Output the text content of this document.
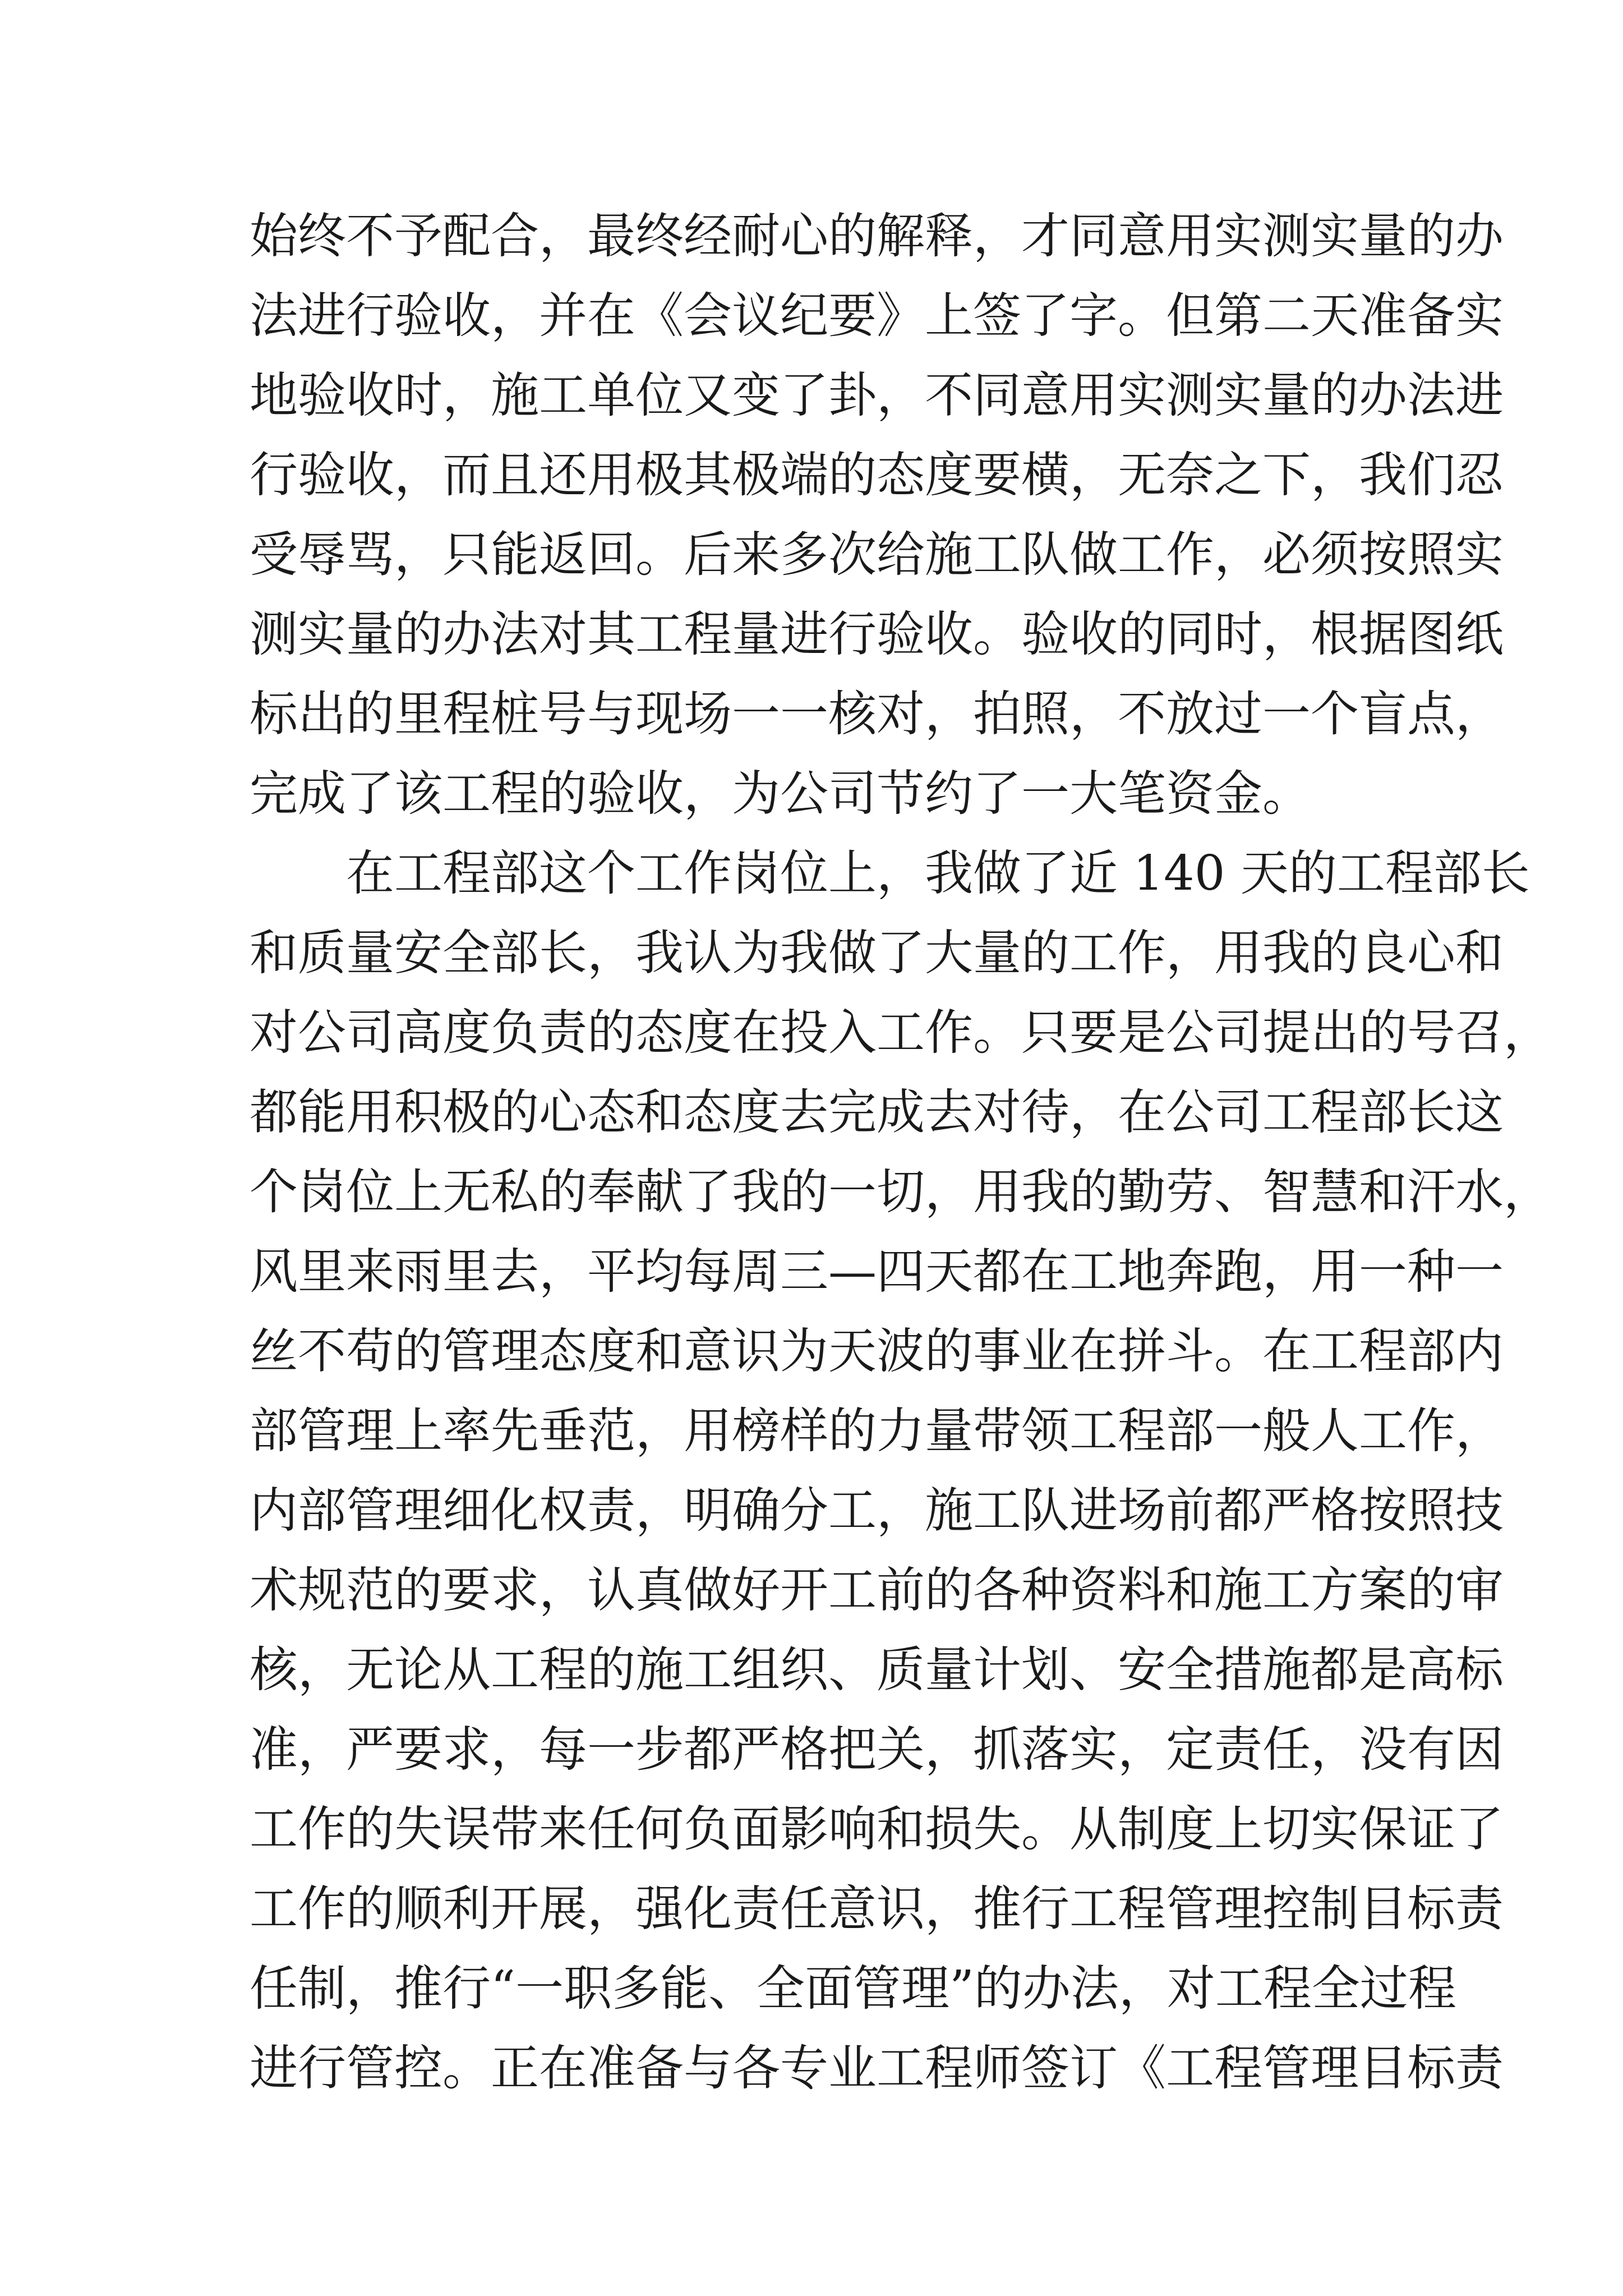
始终不予配合，最终经耐心的解释，才同意用实测实量的办
法进行验收，并在《会议纪要》上签了字。但第二天准备实
地验收时，施工单位又变了卦，不同意用实测实量的办法进
行验收，而且还用极其极端的态度要横，无奈之下，我们忍
受辱骂，只能返回。后来多次给施工队做工作，必须按照实
测实量的办法对其工程量进行验收。验收的同时，根据图纸
标出的里程桩号与现场一一核对，拍照，不放过一个盲点，
完成了该工程的验收，为公司节约了一大笔资金。
在工程部这个工作岗位上，我做了近 140 天的工程部长
和质量安全部长，我认为我做了大量的工作，用我的良心和
对公司高度负责的态度在投入工作。只要是公司提出的号召，
都能用积极的心态和态度去完成去对待，在公司工程部长这
个岗位上无私的奉献了我的一切，用我的勤劳、智慧和汗水，
风里来雨里去，平均每周三—四天都在工地奔跑，用一种一
丝不苟的管理态度和意识为天波的事业在拼斗。在工程部内
部管理上率先垂范，用榜样的力量带领工程部一般人工作，
内部管理细化权责，明确分工，施工队进场前都严格按照技
术规范的要求，认真做好开工前的各种资料和施工方案的审
核，无论从工程的施工组织、质量计划、安全措施都是高标
准，严要求，每一步都严格把关，抓落实，定责任，没有因
工作的失误带来任何负面影响和损失。从制度上切实保证了
工作的顺利开展，强化责任意识，推行工程管理控制目标责
任制，推行“一职多能、全面管理”的办法，对工程全过程
进行管控。正在准备与各专业工程师签订《工程管理目标责
